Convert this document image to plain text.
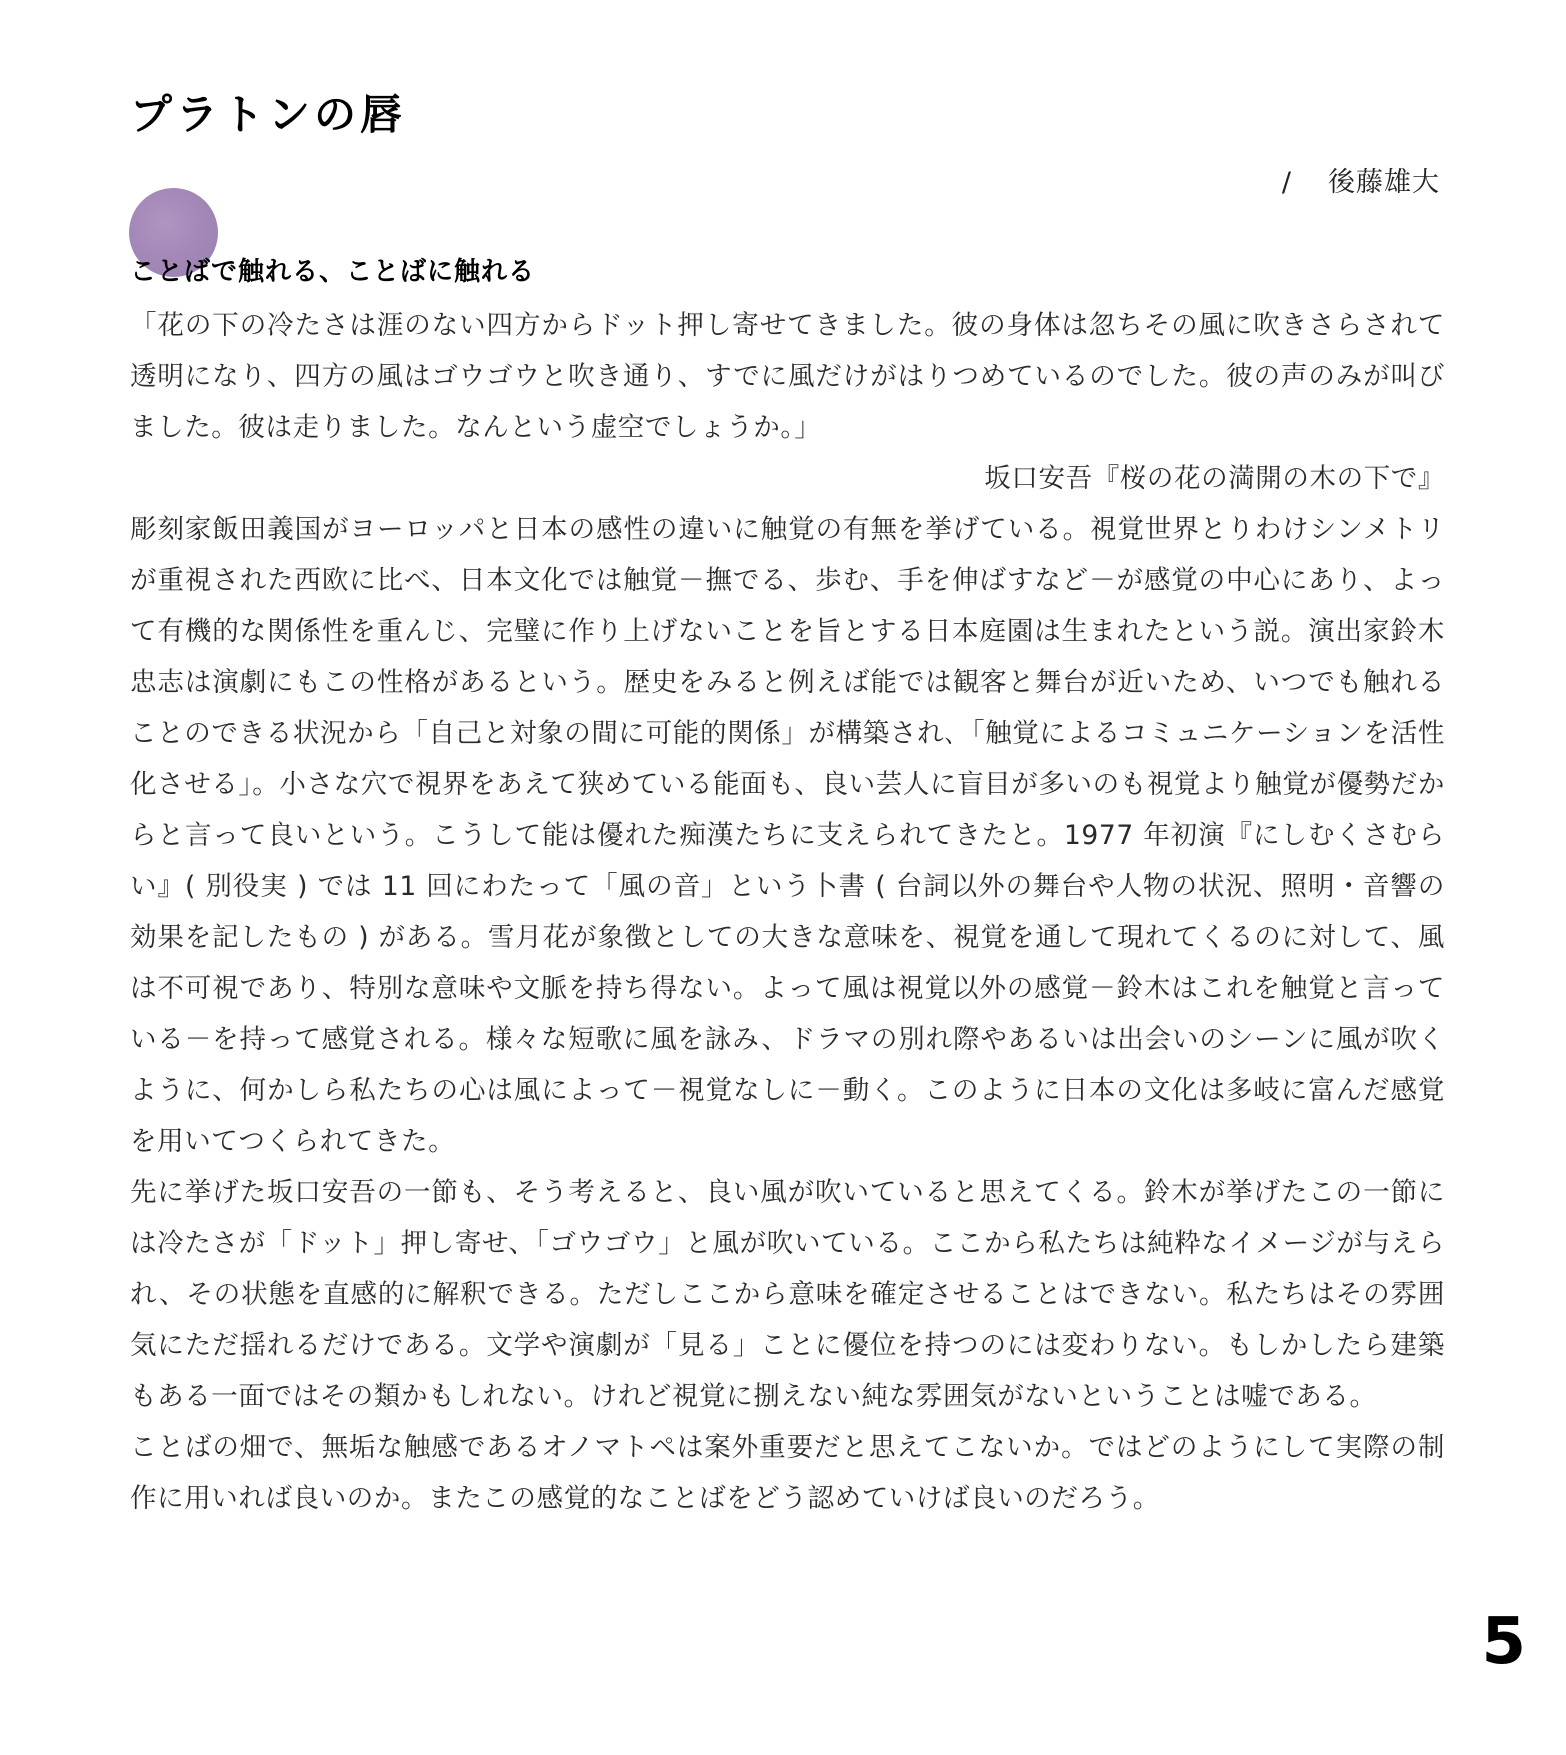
プラトンの唇
/ 後藤雄大
ことばで触れる、ことばに触れる

「花の下の冷たさは涯のない四方からドット押し寄せてきました。彼の身体は忽ちその風に吹きさらされて透明になり、四方の風はゴウゴウと吹き通り、すでに風だけがはりつめているのでした。彼の声のみが叫びました。彼は走りました。なんという虚空でしょうか。」

坂口安吾『桜の花の満開の木の下で』

彫刻家飯田義国がヨーロッパと日本の感性の違いに触覚の有無を挙げている。視覚世界とりわけシンメトリが重視された西欧に比べ、日本文化では触覚－撫でる、歩む、手を伸ばすなど－が感覚の中心にあり、よって有機的な関係性を重んじ、完璧に作り上げないことを旨とする日本庭園は生まれたという説。演出家鈴木忠志は演劇にもこの性格があるという。歴史をみると例えば能では観客と舞台が近いため、いつでも触れることのできる状況から「自己と対象の間に可能的関係」が構築され､「触覚によるコミュニケーションを活性化させる」。小さな穴で視界をあえて狭めている能面も、良い芸人に盲目が多いのも視覚より触覚が優勢だからと言って良いという。こうして能は優れた痴漢たちに支えられてきたと。1977 年初演『にしむくさむらい』( 別役実 ) では 11 回にわたって「風の音」という卜書 ( 台詞以外の舞台や人物の状況、照明・音響の効果を記したもの ) がある。雪月花が象徴としての大きな意味を、視覚を通して現れてくるのに対して、風は不可視であり、特別な意味や文脈を持ち得ない。よって風は視覚以外の感覚－鈴木はこれを触覚と言っている－を持って感覚される。様々な短歌に風を詠み、ドラマの別れ際やあるいは出会いのシーンに風が吹くように、何かしら私たちの心は風によって－視覚なしに－動く。このように日本の文化は多岐に富んだ感覚を用いてつくられてきた。

先に挙げた坂口安吾の一節も、そう考えると、良い風が吹いていると思えてくる。鈴木が挙げたこの一節には冷たさが「ドット」押し寄せ、「ゴウゴウ」と風が吹いている。ここから私たちは純粋なイメージが与えられ、その状態を直感的に解釈できる。ただしここから意味を確定させることはできない。私たちはその雰囲気にただ揺れるだけである。文学や演劇が「見る」ことに優位を持つのには変わりない。もしかしたら建築もある一面ではその類かもしれない。けれど視覚に捌えない純な雰囲気がないということは嘘である。

ことばの畑で、無垢な触感であるオノマトペは案外重要だと思えてこないか。ではどのようにして実際の制作に用いれば良いのか。またこの感覚的なことばをどう認めていけば良いのだろう。

5
